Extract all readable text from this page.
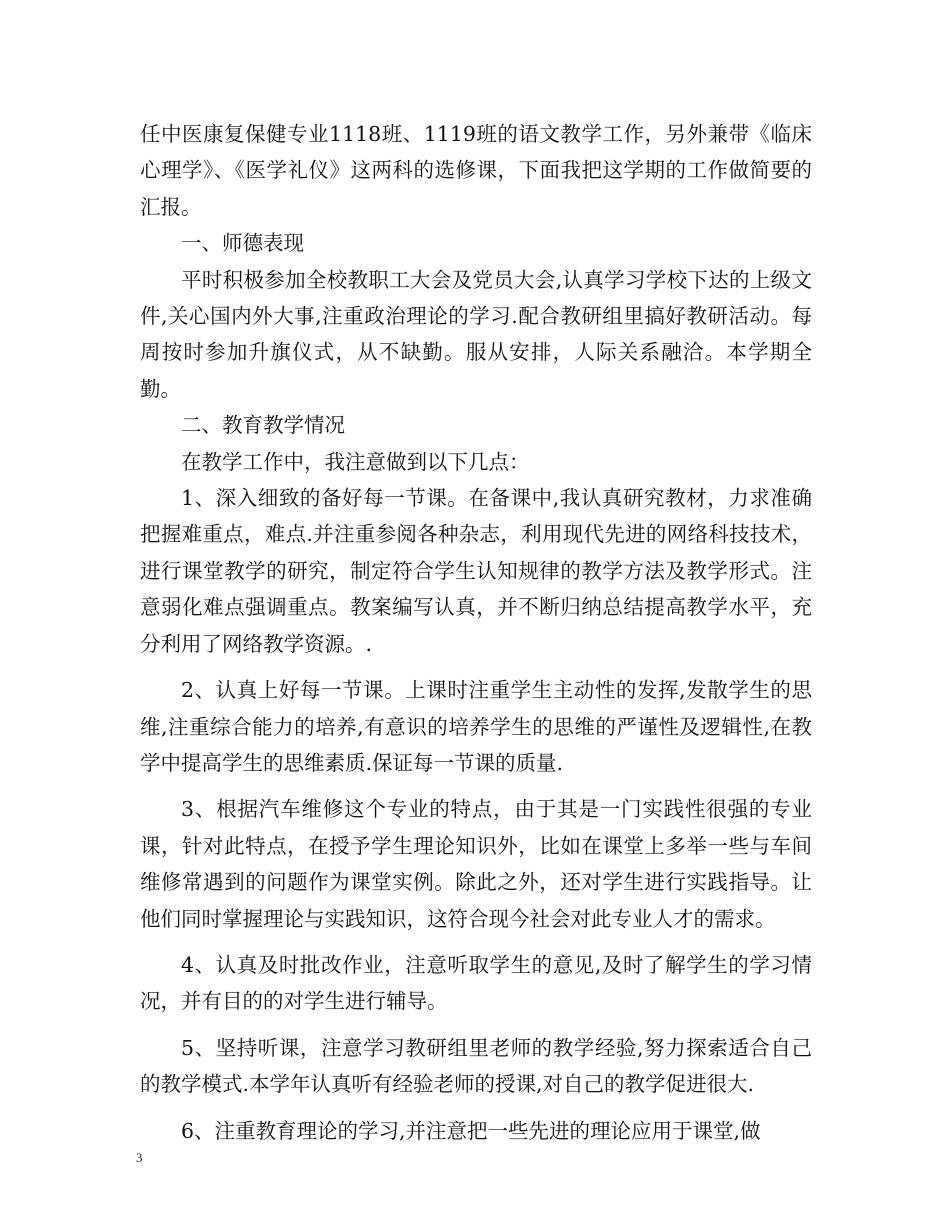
任中医康复保健专业1118班、1119班的语文教学工作，另外兼带《临床心理学》、《医学礼仪》这两科的选修课，下面我把这学期的工作做简要的汇报。

一、师德表现

平时积极参加全校教职工大会及党员大会,认真学习学校下达的上级文件,关心国内外大事,注重政治理论的学习.配合教研组里搞好教研活动。每周按时参加升旗仪式，从不缺勤。服从安排，人际关系融洽。本学期全勤。

二、教育教学情况

在教学工作中，我注意做到以下几点：

1、深入细致的备好每一节课。在备课中,我认真研究教材，力求准确把握难重点，难点.并注重参阅各种杂志，利用现代先进的网络科技技术，进行课堂教学的研究，制定符合学生认知规律的教学方法及教学形式。注意弱化难点强调重点。教案编写认真，并不断归纳总结提高教学水平，充分利用了网络教学资源。.

2、认真上好每一节课。上课时注重学生主动性的发挥,发散学生的思维,注重综合能力的培养,有意识的培养学生的思维的严谨性及逻辑性,在教学中提高学生的思维素质.保证每一节课的质量.

3、根据汽车维修这个专业的特点，由于其是一门实践性很强的专业课，针对此特点，在授予学生理论知识外，比如在课堂上多举一些与车间维修常遇到的问题作为课堂实例。除此之外，还对学生进行实践指导。让他们同时掌握理论与实践知识，这符合现今社会对此专业人才的需求。

4、认真及时批改作业，注意听取学生的意见,及时了解学生的学习情况，并有目的的对学生进行辅导。

5、坚持听课，注意学习教研组里老师的教学经验,努力探索适合自己的教学模式.本学年认真听有经验老师的授课,对自己的教学促进很大.

6、注重教育理论的学习,并注意把一些先进的理论应用于课堂,做

3
